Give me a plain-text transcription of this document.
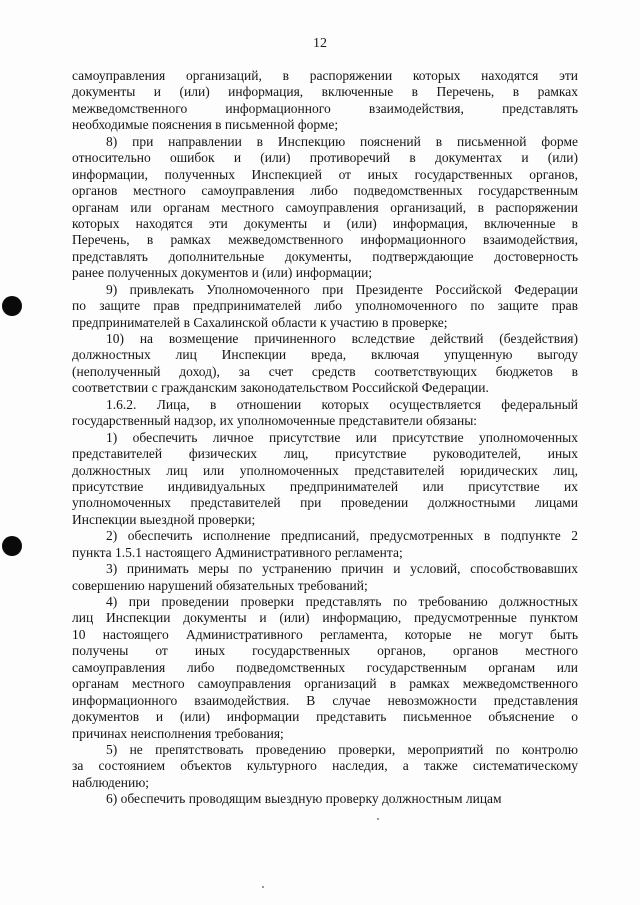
12
самоуправления организаций, в распоряжении которых находятся эти
документы и (или) информация, включенные в Перечень, в рамках
межведомственного информационного взаимодействия, представлять
необходимые пояснения в письменной форме;
8) при направлении в Инспекцию пояснений в письменной форме
относительно ошибок и (или) противоречий в документах и (или)
информации, полученных Инспекцией от иных государственных органов,
органов местного самоуправления либо подведомственных государственным
органам или органам местного самоуправления организаций, в распоряжении
которых находятся эти документы и (или) информация, включенные в
Перечень, в рамках межведомственного информационного взаимодействия,
представлять дополнительные документы, подтверждающие достоверность
ранее полученных документов и (или) информации;
9) привлекать Уполномоченного при Президенте Российской Федерации
по защите прав предпринимателей либо уполномоченного по защите прав
предпринимателей в Сахалинской области к участию в проверке;
10) на возмещение причиненного вследствие действий (бездействия)
должностных лиц Инспекции вреда, включая упущенную выгоду
(неполученный доход), за счет средств соответствующих бюджетов в
соответствии с гражданским законодательством Российской Федерации.
1.6.2. Лица, в отношении которых осуществляется федеральный
государственный надзор, их уполномоченные представители обязаны:
1) обеспечить личное присутствие или присутствие уполномоченных
представителей физических лиц, присутствие руководителей, иных
должностных лиц или уполномоченных представителей юридических лиц,
присутствие индивидуальных предпринимателей или присутствие их
уполномоченных представителей при проведении должностными лицами
Инспекции выездной проверки;
2) обеспечить исполнение предписаний, предусмотренных в подпункте 2
пункта 1.5.1 настоящего Административного регламента;
3) принимать меры по устранению причин и условий, способствовавших
совершению нарушений обязательных требований;
4) при проведении проверки представлять по требованию должностных
лиц Инспекции документы и (или) информацию, предусмотренные пунктом
10 настоящего Административного регламента, которые не могут быть
получены от иных государственных органов, органов местного
самоуправления либо подведомственных государственным органам или
органам местного самоуправления организаций в рамках межведомственного
информационного взаимодействия. В случае невозможности представления
документов и (или) информации представить письменное объяснение о
причинах неисполнения требования;
5) не препятствовать проведению проверки, мероприятий по контролю
за состоянием объектов культурного наследия, а также систематическому
наблюдению;
6) обеспечить проводящим выездную проверку должностным лицам
